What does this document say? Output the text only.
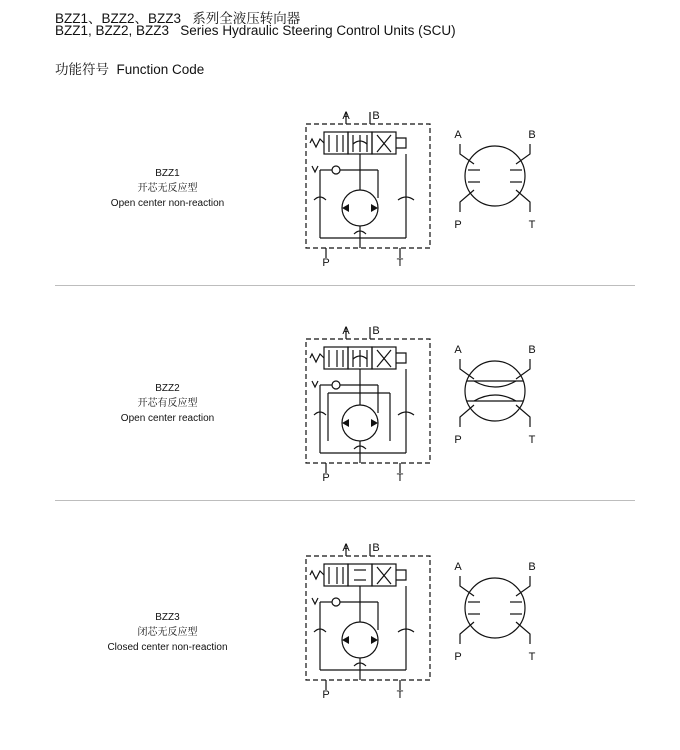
BZZ1、BZZ2、BZZ3 系列全液压转向器
BZZ1, BZZ2, BZZ3 Series Hydraulic Steering Control Units (SCU)
功能符号 Function Code
BZZ1
开芯无反应型
Open center non-reaction
A B
P	T
A	B
P	T
BZZ2
开芯有反应型
Open center reaction
A B
P	T
A	B
P	T
BZZ3
闭芯无反应型
Closed center non-reaction
A B
P	T
A	B
P	T
